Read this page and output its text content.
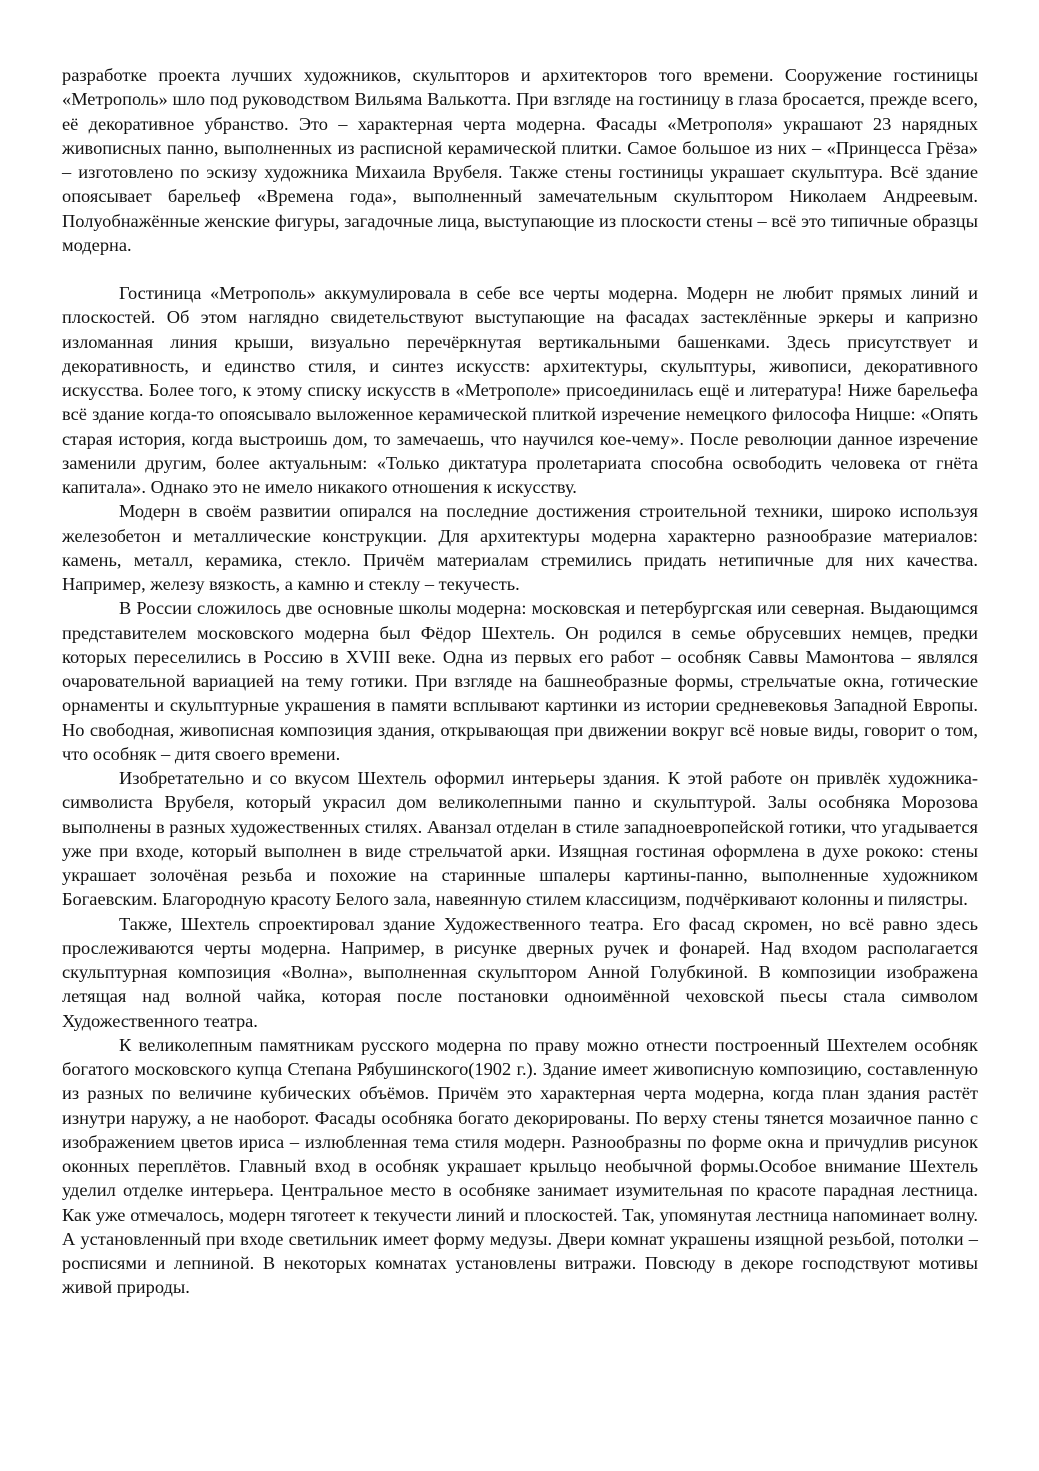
разработке проекта лучших художников, скульпторов и архитекторов того времени. Сооружение гостиницы «Метрополь» шло под руководством Вильяма Валькотта. При взгляде на гостиницу в глаза бросается, прежде всего, её декоративное убранство. Это – характерная черта модерна. Фасады «Метрополя» украшают 23 нарядных живописных панно, выполненных из расписной керамической плитки. Самое большое из них – «Принцесса Грёза» – изготовлено по эскизу художника Михаила Врубеля. Также стены гостиницы украшает скульптура. Всё здание опоясывает барельеф «Времена года», выполненный замечательным скульптором Николаем Андреевым. Полуобнажённые женские фигуры, загадочные лица, выступающие из плоскости стены – всё это типичные образцы модерна.

Гостиница «Метрополь» аккумулировала в себе все черты модерна. Модерн не любит прямых линий и плоскостей. Об этом наглядно свидетельствуют выступающие на фасадах застеклённые эркеры и капризно изломанная линия крыши, визуально перечёркнутая вертикальными башенками. Здесь присутствует и декоративность, и единство стиля, и синтез искусств: архитектуры, скульптуры, живописи, декоративного искусства. Более того, к этому списку искусств в «Метрополе» присоединилась ещё и литература! Ниже барельефа всё здание когда-то опоясывало выложенное керамической плиткой изречение немецкого философа Ницше: «Опять старая история, когда выстроишь дом, то замечаешь, что научился кое-чему». После революции данное изречение заменили другим, более актуальным: «Только диктатура пролетариата способна освободить человека от гнёта капитала». Однако это не имело никакого отношения к искусству.

Модерн в своём развитии опирался на последние достижения строительной техники, широко используя железобетон и металлические конструкции. Для архитектуры модерна характерно разнообразие материалов: камень, металл, керамика, стекло. Причём материалам стремились придать нетипичные для них качества. Например, железу вязкость, а камню и стеклу – текучесть.

В России сложилось две основные школы модерна: московская и петербургская или северная. Выдающимся представителем московского модерна был Фёдор Шехтель. Он родился в семье обрусевших немцев, предки которых переселились в Россию в XVIII веке. Одна из первых его работ – особняк Саввы Мамонтова – являлся очаровательной вариацией на тему готики. При взгляде на башнеобразные формы, стрельчатые окна, готические орнаменты и скульптурные украшения в памяти всплывают картинки из истории средневековья Западной Европы. Но свободная, живописная композиция здания, открывающая при движении вокруг всё новые виды, говорит о том, что особняк – дитя своего времени.

Изобретательно и со вкусом Шехтель оформил интерьеры здания. К этой работе он привлёк художника-символиста Врубеля, который украсил дом великолепными панно и скульптурой. Залы особняка Морозова выполнены в разных художественных стилях. Аванзал отделан в стиле западноевропейской готики, что угадывается уже при входе, который выполнен в виде стрельчатой арки. Изящная гостиная оформлена в духе рококо: стены украшает золочёная резьба и похожие на старинные шпалеры картины-панно, выполненные художником Богаевским. Благородную красоту Белого зала, навеянную стилем классицизм, подчёркивают колонны и пилястры.

Также, Шехтель спроектировал здание Художественного театра. Его фасад скромен, но всё равно здесь прослеживаются черты модерна. Например, в рисунке дверных ручек и фонарей. Над входом располагается скульптурная композиция «Волна», выполненная скульптором Анной Голубкиной. В композиции изображена летящая над волной чайка, которая после постановки одноимённой чеховской пьесы стала символом Художественного театра.

К великолепным памятникам русского модерна по праву можно отнести построенный Шехтелем особняк богатого московского купца Степана Рябушинского(1902 г.). Здание имеет живописную композицию, составленную из разных по величине кубических объёмов. Причём это характерная черта модерна, когда план здания растёт изнутри наружу, а не наоборот. Фасады особняка богато декорированы. По верху стены тянется мозаичное панно с изображением цветов ириса – излюбленная тема стиля модерн. Разнообразны по форме окна и причудлив рисунок оконных переплётов. Главный вход в особняк украшает крыльцо необычной формы.Особое внимание Шехтель уделил отделке интерьера. Центральное место в особняке занимает изумительная по красоте парадная лестница. Как уже отмечалось, модерн тяготеет к текучести линий и плоскостей. Так, упомянутая лестница напоминает волну. А установленный при входе светильник имеет форму медузы. Двери комнат украшены изящной резьбой, потолки – росписями и лепниной. В некоторых комнатах установлены витражи. Повсюду в декоре господствуют мотивы живой природы.
